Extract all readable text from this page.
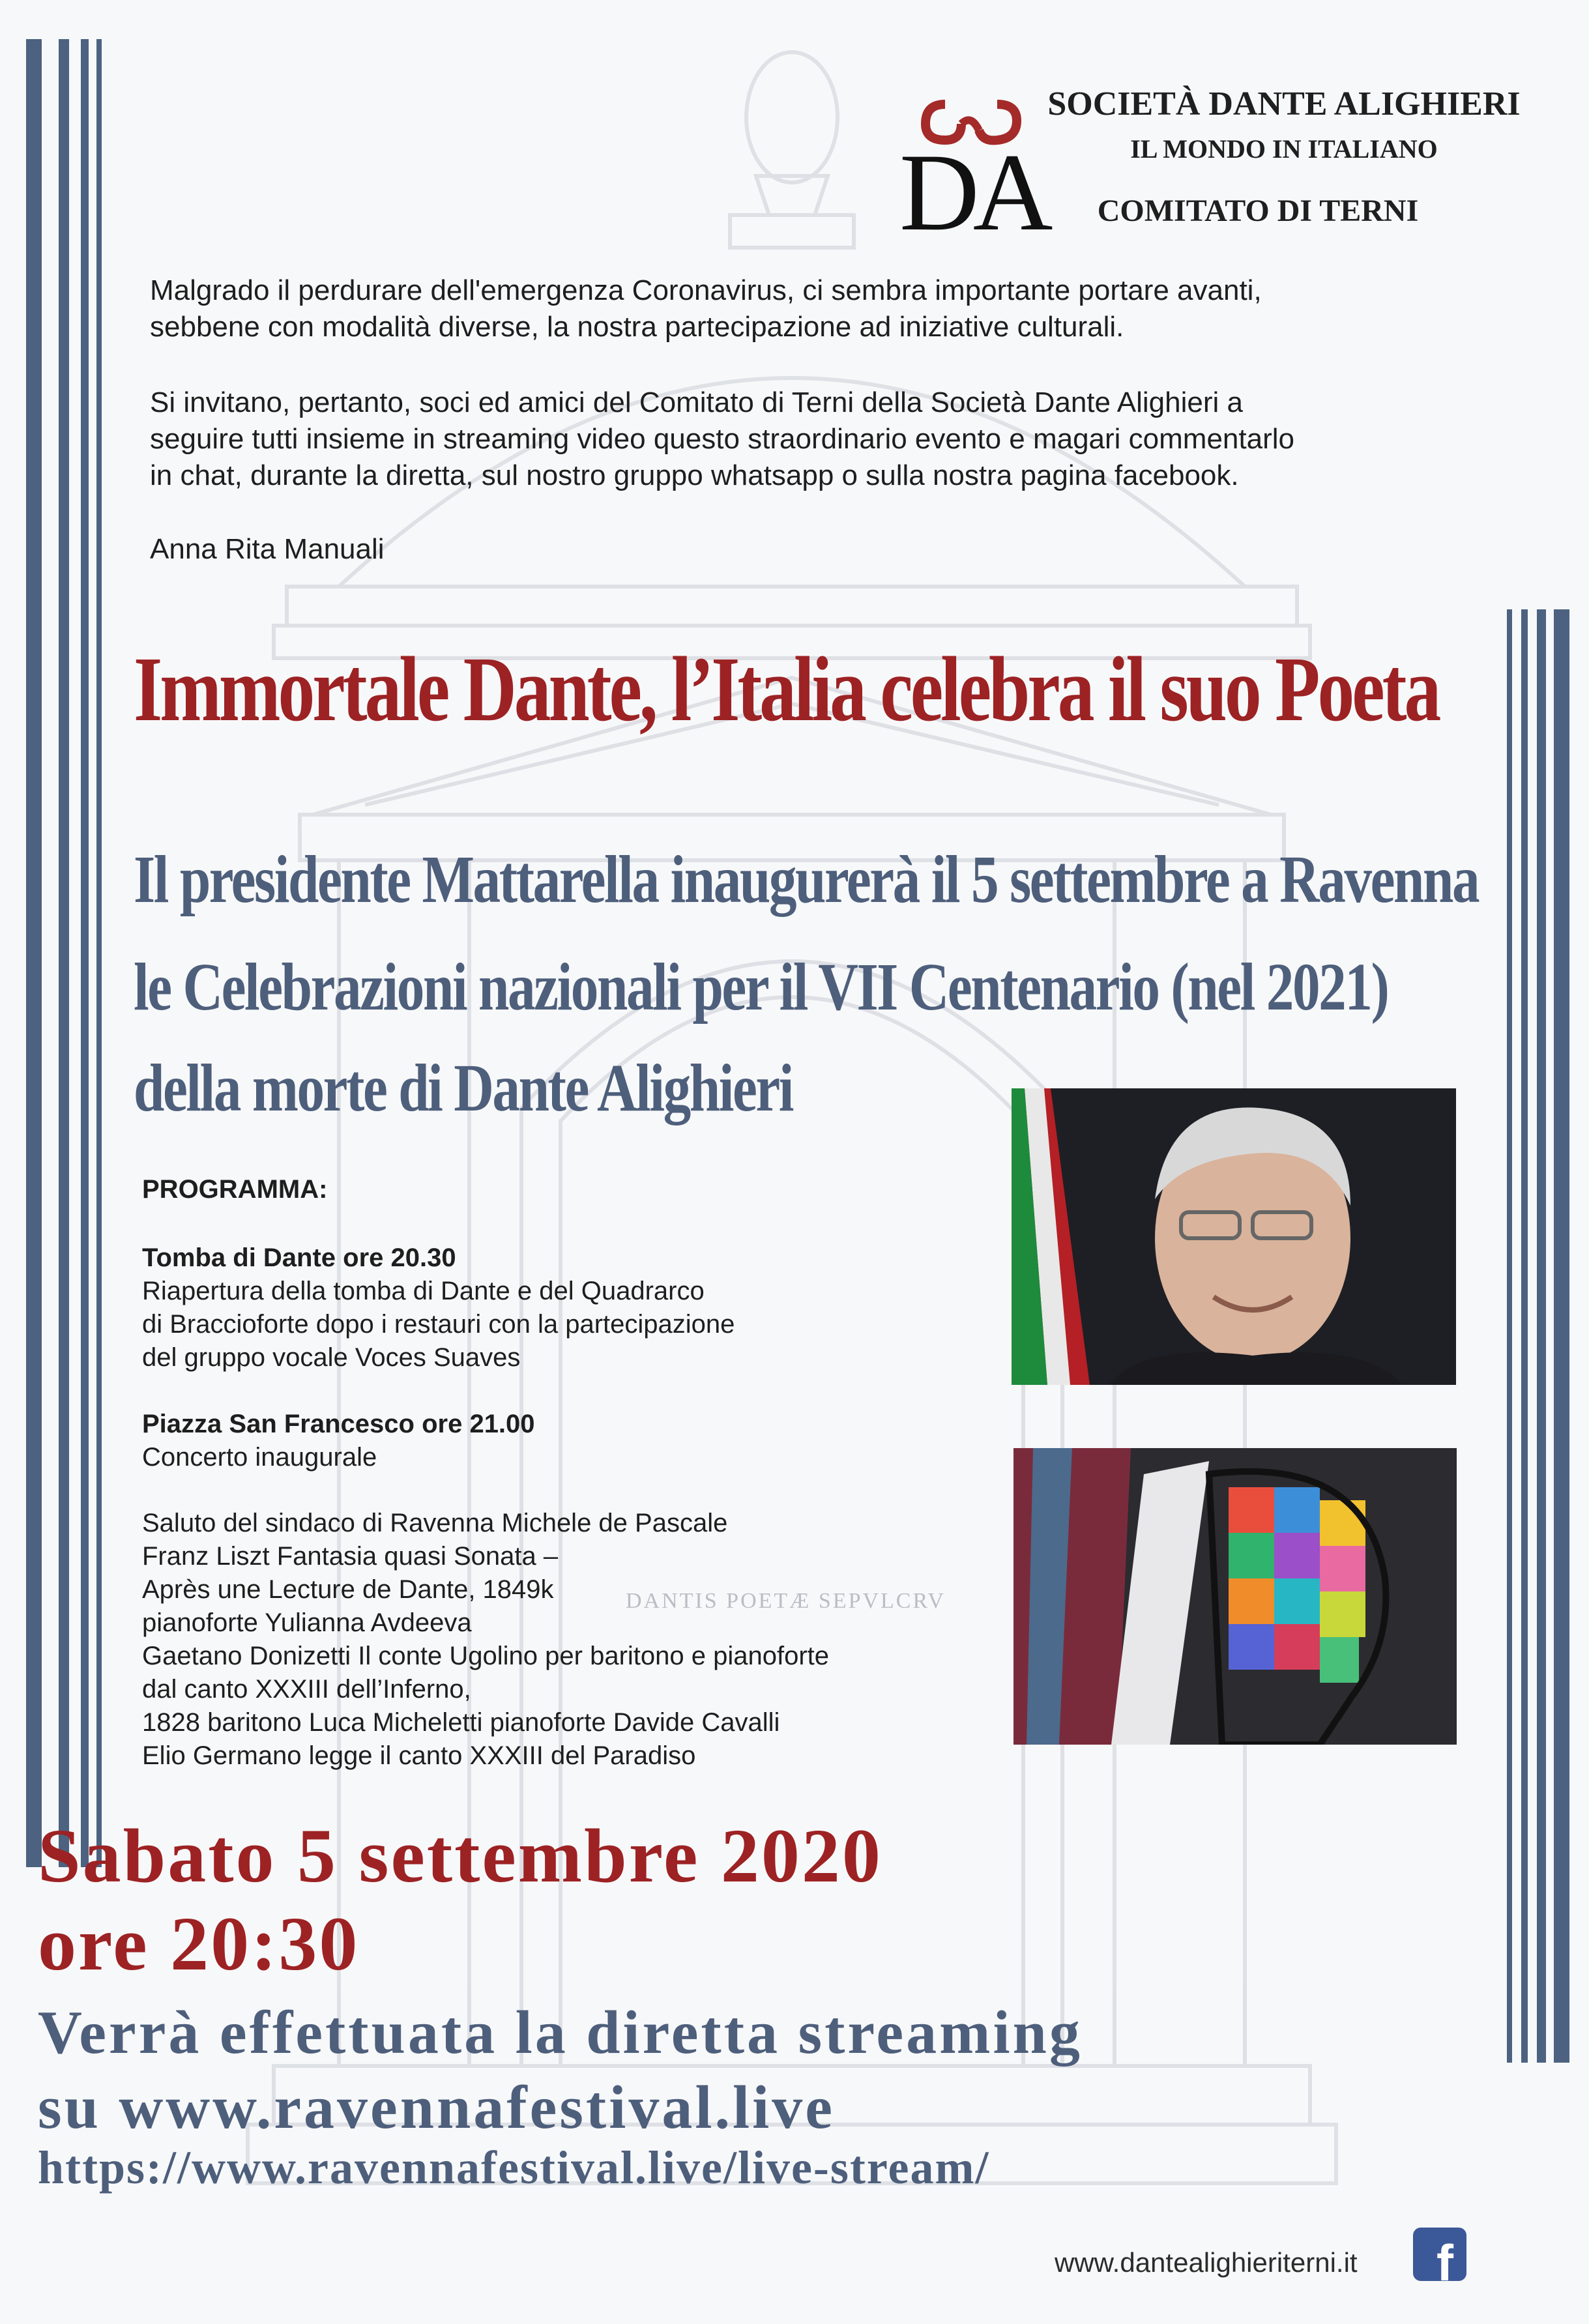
DA
SOCIETÀ DANTE ALIGHIERI
IL MONDO IN ITALIANO
COMITATO DI TERNI
Malgrado il perdurare dell'emergenza Coronavirus, ci sembra importante portare avanti,
sebbene con modalità diverse, la nostra partecipazione ad iniziative culturali.
Si invitano, pertanto, soci ed amici del Comitato di Terni della Società Dante Alighieri a
seguire tutti insieme in streaming video questo straordinario evento e magari commentarlo
in chat, durante la diretta, sul nostro gruppo whatsapp o sulla nostra pagina facebook.
Anna Rita Manuali
Immortale Dante, l’Italia celebra il suo Poeta
Il presidente Mattarella inaugurerà il 5 settembre a Ravenna
le Celebrazioni nazionali per il VII Centenario (nel 2021)
della morte di Dante Alighieri
PROGRAMMA:
Tomba di Dante ore 20.30
Riapertura della tomba di Dante e del Quadrarco
di Braccioforte dopo i restauri con la partecipazione
del gruppo vocale Voces Suaves
Piazza San Francesco ore 21.00
Concerto inaugurale
Saluto del sindaco di Ravenna Michele de Pascale
Franz Liszt Fantasia quasi Sonata –
Après une Lecture de Dante, 1849k
pianoforte Yulianna Avdeeva
Gaetano Donizetti Il conte Ugolino per baritono e pianoforte
dal canto XXXIII dell’Inferno,
1828 baritono Luca Micheletti pianoforte Davide Cavalli
Elio Germano legge il canto XXXIII del Paradiso
DANTIS POETÆ SEPVLCRV
Sabato 5 settembre 2020
ore 20:30
Verrà effettuata la diretta streaming
su www.ravennafestival.live
https://www.ravennafestival.live/live-stream/
www.dantealighieriterni.it	f
